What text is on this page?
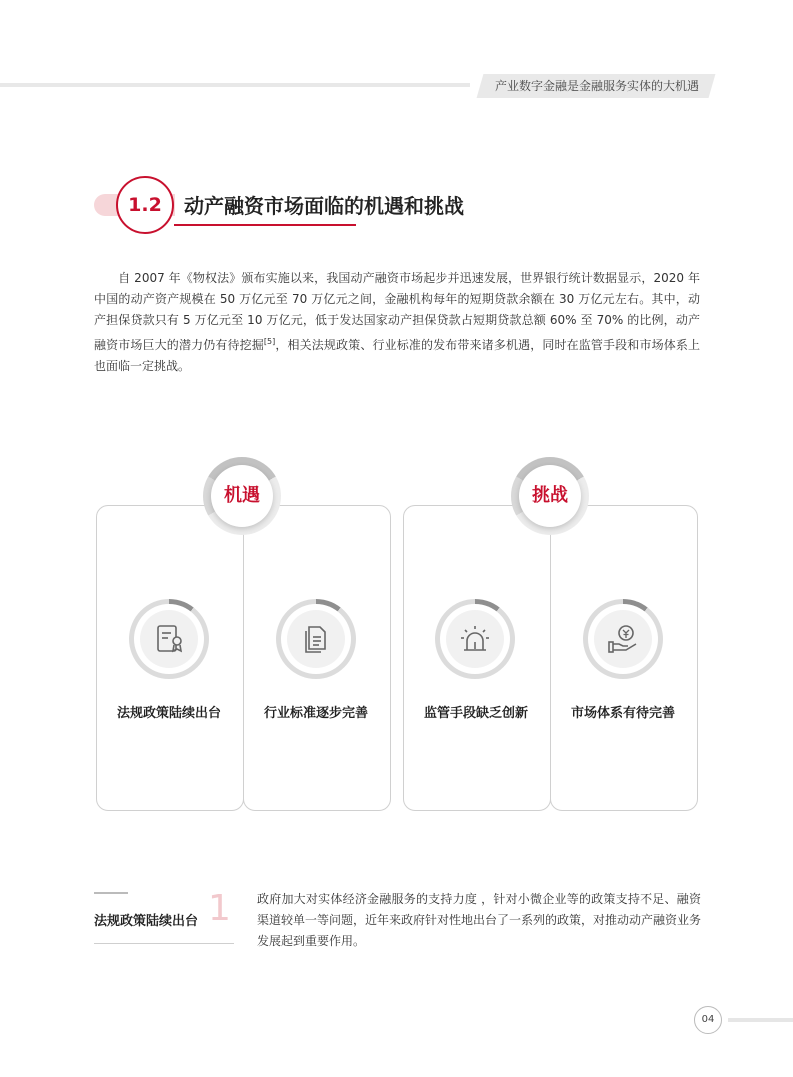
产业数字金融是金融服务实体的大机遇
1.2	动产融资市场面临的机遇和挑战
自 2007 年《物权法》颁布实施以来，我国动产融资市场起步并迅速发展，世界银行统计数据显示，2020 年中国的动产资产规模在 50 万亿元至 70 万亿元之间，金融机构每年的短期贷款余额在 30 万亿元左右。其中，动产担保贷款只有 5 万亿元至 10 万亿元，低于发达国家动产担保贷款占短期贷款总额 60% 至 70% 的比例，动产融资市场巨大的潜力仍有待挖掘[5]，相关法规政策、行业标准的发布带来诸多机遇，同时在监管手段和市场体系上也面临一定挑战。
机遇
法规政策陆续出台	行业标准逐步完善
挑战
监管手段缺乏创新	市场体系有待完善
法规政策陆续出台 1 政府加大对实体经济金融服务的支持力度 ，针对小微企业等的政策支持不足、融资渠道较单一等问题，近年来政府针对性地出台了一系列的政策，对推动动产融资业务发展起到重要作用。
04
